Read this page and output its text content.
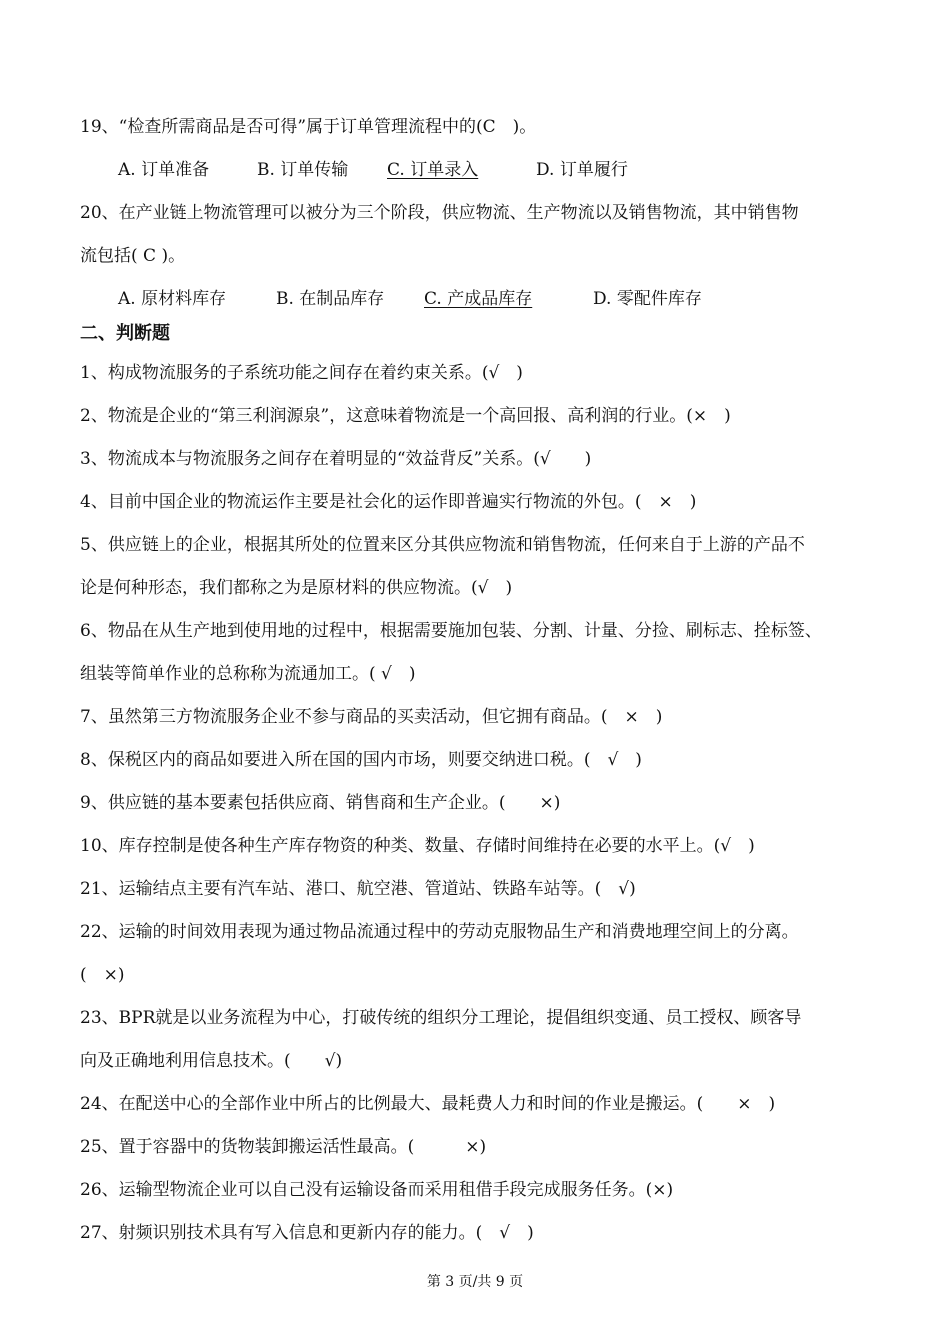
19、“检查所需商品是否可得”属于订单管理流程中的(C　)。
A. 订单准备	B. 订单传输 C. 订单录入	D. 订单履行
20、在产业链上物流管理可以被分为三个阶段，供应物流、生产物流以及销售物流，其中销售物
流包括( C )。
A. 原材料库存	B. 在制品库存 C. 产成品库存	D. 零配件库存
二、判断题
1、构成物流服务的子系统功能之间存在着约束关系。(√　)
2、物流是企业的“第三利润源泉”，这意味着物流是一个高回报、高利润的行业。(×　)
3、物流成本与物流服务之间存在着明显的“效益背反”关系。(√　　)
4、目前中国企业的物流运作主要是社会化的运作即普遍实行物流的外包。(　×　)
5、供应链上的企业，根据其所处的位置来区分其供应物流和销售物流，任何来自于上游的产品不
论是何种形态，我们都称之为是原材料的供应物流。(√　)
6、物品在从生产地到使用地的过程中，根据需要施加包装、分割、计量、分捡、刷标志、拴标签、
组装等简单作业的总称称为流通加工。( √　)
7、虽然第三方物流服务企业不参与商品的买卖活动，但它拥有商品。(　×　)
8、保税区内的商品如要进入所在国的国内市场，则要交纳进口税。(　√　)
9、供应链的基本要素包括供应商、销售商和生产企业。(　　×)
10、库存控制是使各种生产库存物资的种类、数量、存储时间维持在必要的水平上。(√　)
21、运输结点主要有汽车站、港口、航空港、管道站、铁路车站等。(　√)
22、运输的时间效用表现为通过物品流通过程中的劳动克服物品生产和消费地理空间上的分离。
(　×)
23、BPR就是以业务流程为中心，打破传统的组织分工理论，提倡组织变通、员工授权、顾客导
向及正确地利用信息技术。(　　√)
24、在配送中心的全部作业中所占的比例最大、最耗费人力和时间的作业是搬运。(　　×　)
25、置于容器中的货物装卸搬运活性最高。(　　　×)
26、运输型物流企业可以自己没有运输设备而采用租借手段完成服务任务。(×)
27、射频识别技术具有写入信息和更新内存的能力。(　√　)
第 3 页/共 9 页
